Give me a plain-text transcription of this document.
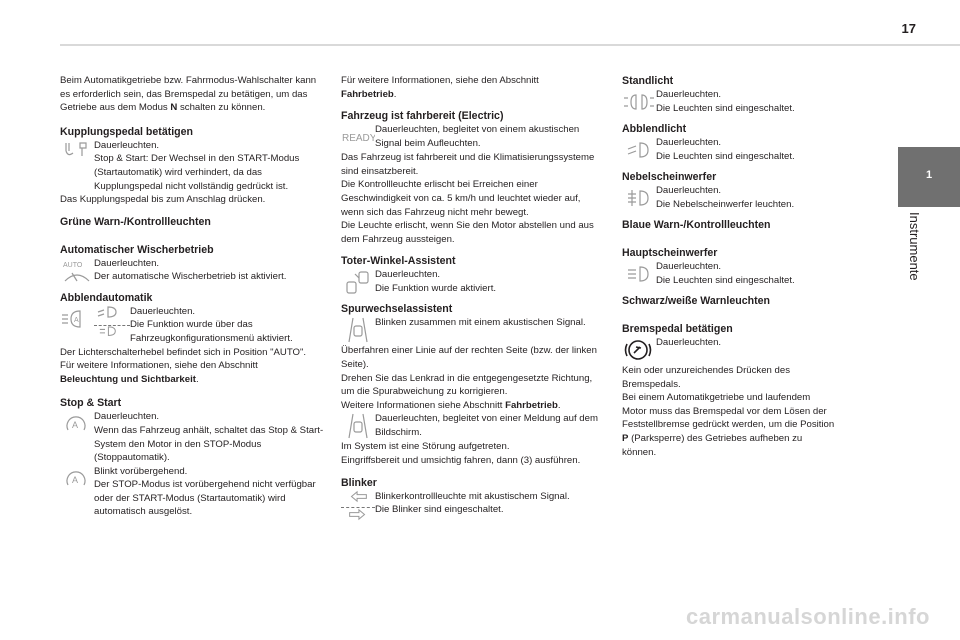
17
1
Instrumente

Beim Automatikgetriebe bzw. Fahrmodus-Wahlschalter kann es erforderlich sein, das Bremspedal zu betätigen, um das Getriebe aus dem Modus N schalten zu können.

Kupplungspedal betätigen

Dauerleuchten.

Stop & Start: Der Wechsel in den START-Modus (Startautomatik) wird verhindert, da das Kupplungspedal nicht vollständig gedrückt ist.

Das Kupplungspedal bis zum Anschlag drücken.

Grüne Warn-/Kontrollleuchten

Automatischer Wischerbetrieb

AUTO Dauerleuchten.

Der automatische Wischerbetrieb ist aktiviert.

Abblendautomatik

A

Dauerleuchten.

Die Funktion wurde über das Fahrzeugkonfigurationsmenü aktiviert.

Der Lichterschalterhebel befindet sich in Position "AUTO".

Für weitere Informationen, siehe den Abschnitt
Beleuchtung und Sichtbarkeit.

Stop & Start

A

Dauerleuchten.

Wenn das Fahrzeug anhält, schaltet das Stop & Start-System den Motor in den STOP-Modus (Stoppautomatik).

A

Blinkt vorübergehend.

Der STOP-Modus ist vorübergehend nicht verfügbar oder der START-Modus (Startautomatik) wird automatisch ausgelöst.

Für weitere Informationen, siehe den Abschnitt
Fahrbetrieb.

Fahrzeug ist fahrbereit (Electric)

READY

Dauerleuchten, begleitet von einem akustischen Signal beim Aufleuchten.

Das Fahrzeug ist fahrbereit und die Klimatisierungssysteme sind einsatzbereit.

Die Kontrollleuchte erlischt bei Erreichen einer Geschwindigkeit von ca. 5 km/h und leuchtet wieder auf, wenn sich das Fahrzeug nicht mehr bewegt.

Die Leuchte erlischt, wenn Sie den Motor abstellen und aus dem Fahrzeug aussteigen.

Toter-Winkel-Assistent

Dauerleuchten.

Die Funktion wurde aktiviert.

Spurwechselassistent

Blinken zusammen mit einem akustischen Signal.

Überfahren einer Linie auf der rechten Seite (bzw. der linken Seite).

Drehen Sie das Lenkrad in die entgegengesetzte Richtung, um die Spurabweichung zu korrigieren.

Weitere Informationen siehe Abschnitt Fahrbetrieb.

Dauerleuchten, begleitet von einer Meldung auf dem Bildschirm.

Im System ist eine Störung aufgetreten.

Eingriffsbereit und umsichtig fahren, dann (3) ausführen.

Blinker

Blinkerkontrollleuchte mit akustischem Signal.

Die Blinker sind eingeschaltet.

Standlicht

Dauerleuchten.

Die Leuchten sind eingeschaltet.

Abblendlicht

Dauerleuchten.

Die Leuchten sind eingeschaltet.

Nebelscheinwerfer

Dauerleuchten.

Die Nebelscheinwerfer leuchten.

Blaue Warn-/Kontrollleuchten

Hauptscheinwerfer

Dauerleuchten.

Die Leuchten sind eingeschaltet.

Schwarz/weiße Warnleuchten

Bremspedal betätigen

Dauerleuchten.

Kein oder unzureichendes Drücken des Bremspedals.

Bei einem Automatikgetriebe und laufendem Motor muss das Bremspedal vor dem Lösen der Feststellbremse gedrückt werden, um die Position P (Parksperre) des Getriebes aufheben zu können.

carmanualsonline.info
